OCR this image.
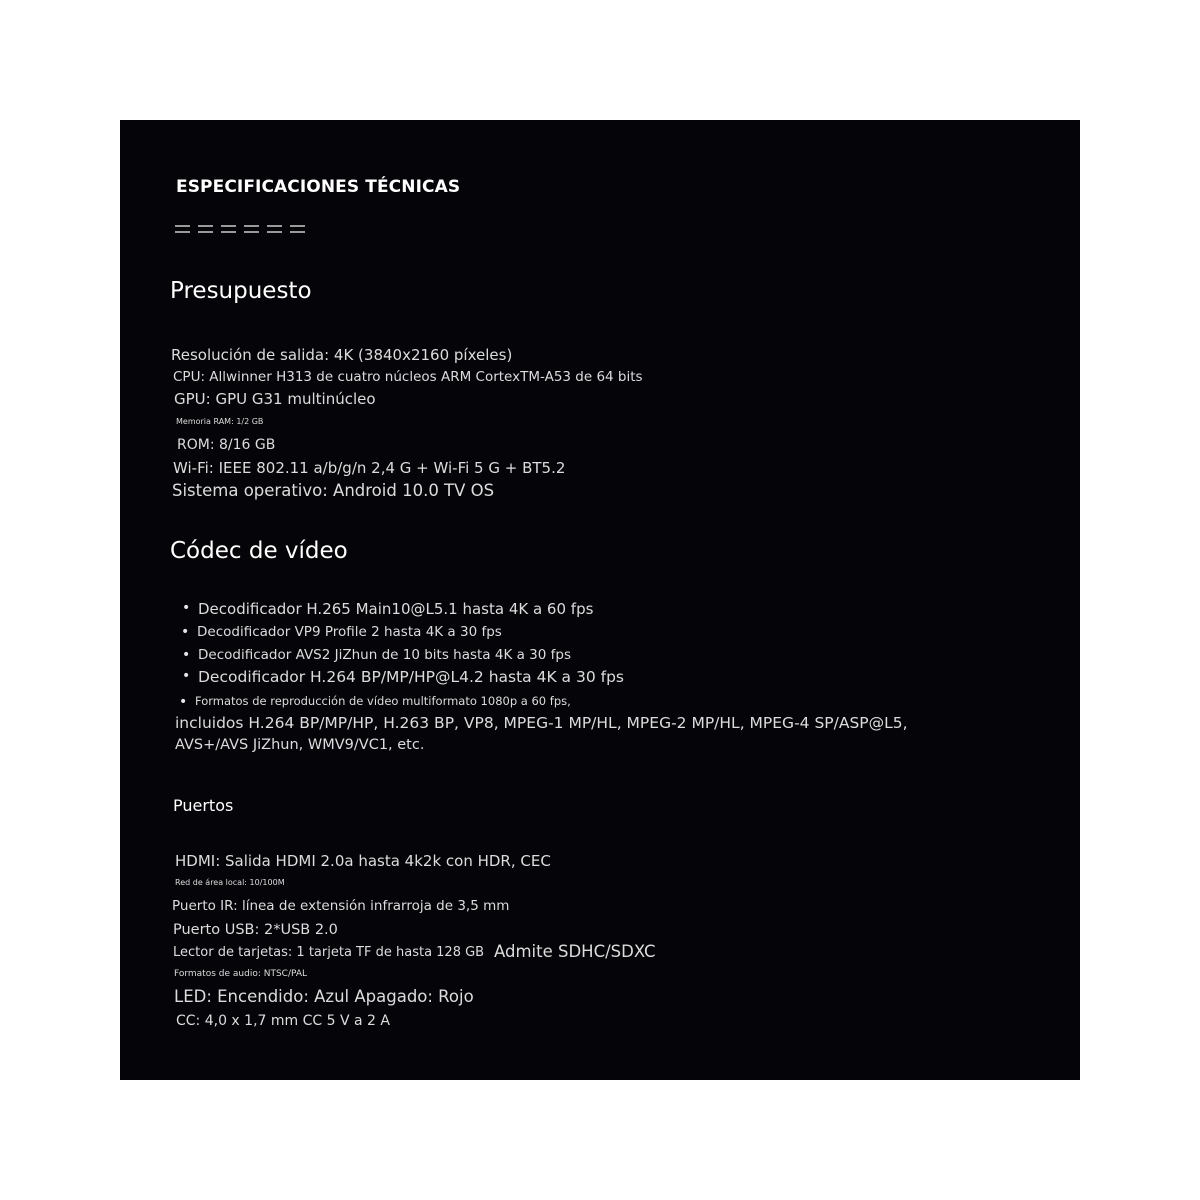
ESPECIFICACIONES TÉCNICAS
Presupuesto
Resolución de salida: 4K (3840x2160 píxeles)
CPU: Allwinner H313 de cuatro núcleos ARM CortexTM-A53 de 64 bits
GPU: GPU G31 multinúcleo
Memoria RAM: 1/2 GB
ROM: 8/16 GB
Wi-Fi: IEEE 802.11 a/b/g/n 2,4 G + Wi-Fi 5 G + BT5.2
Sistema operativo: Android 10.0 TV OS
Códec de vídeo
• Decodificador H.265 Main10@L5.1 hasta 4K a 60 fps
• Decodificador VP9 Profile 2 hasta 4K a 30 fps
• Decodificador AVS2 JiZhun de 10 bits hasta 4K a 30 fps
• Decodificador H.264 BP/MP/HP@L4.2 hasta 4K a 30 fps
• Formatos de reproducción de vídeo multiformato 1080p a 60 fps,
incluidos H.264 BP/MP/HP, H.263 BP, VP8, MPEG-1 MP/HL, MPEG-2 MP/HL, MPEG-4 SP/ASP@L5,
AVS+/AVS JiZhun, WMV9/VC1, etc.
Puertos
HDMI: Salida HDMI 2.0a hasta 4k2k con HDR, CEC
Red de área local: 10/100M
Puerto IR: línea de extensión infrarroja de 3,5 mm
Puerto USB: 2*USB 2.0
Lector de tarjetas: 1 tarjeta TF de hasta 128 GB Admite SDHC/SDXC
Formatos de audio: NTSC/PAL
LED: Encendido: Azul Apagado: Rojo
CC: 4,0 x 1,7 mm CC 5 V a 2 A
